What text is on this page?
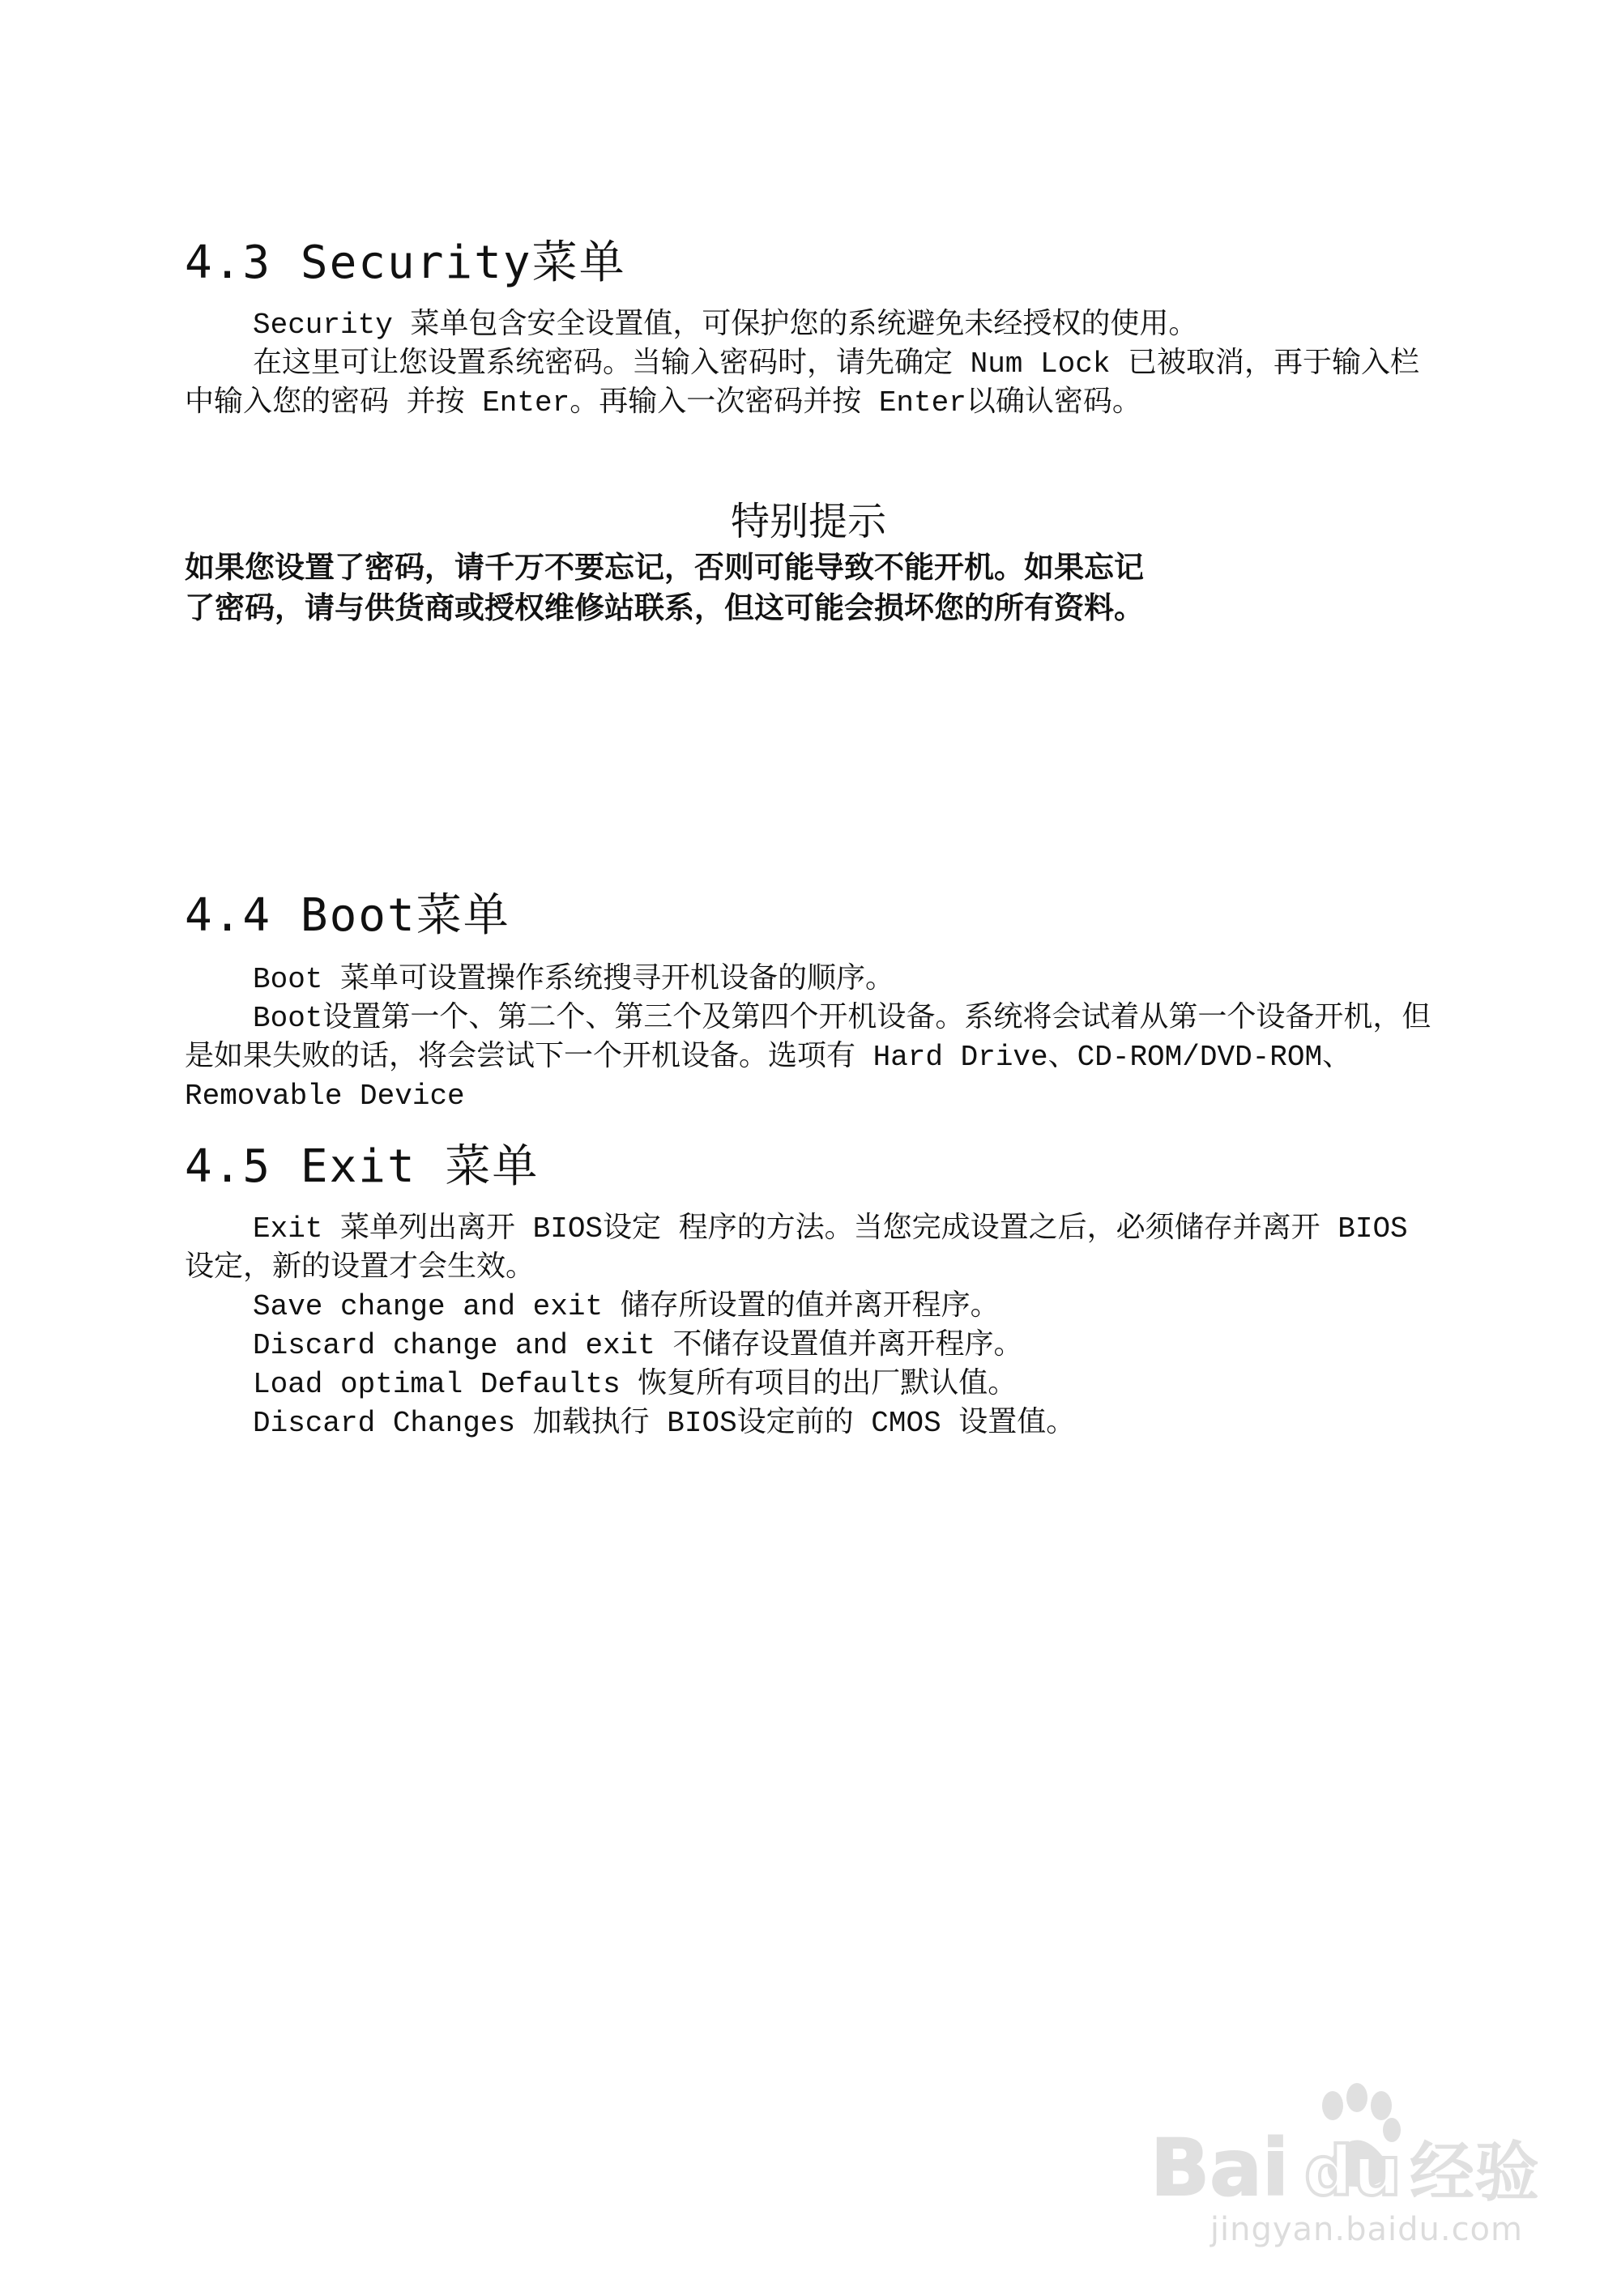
4.3 Security菜单

Security 菜单包含安全设置值，可保护您的系统避免未经授权的使用。

在这里可让您设置系统密码。当输入密码时，请先确定 Num Lock 已被取消，再于输入栏中输入您的密码 并按 Enter。再输入一次密码并按 Enter以确认密码。

特别提示

如果您设置了密码，请千万不要忘记，否则可能导致不能开机。如果忘记

了密码，请与供货商或授权维修站联系，但这可能会损坏您的所有资料。

4.4 Boot菜单

Boot 菜单可设置操作系统搜寻开机设备的顺序。

Boot设置第一个、第二个、第三个及第四个开机设备。系统将会试着从第一个设备开机，但是如果失败的话，将会尝试下一个开机设备。选项有 Hard Drive、CD-ROM/DVD-ROM、Removable Device

4.5 Exit 菜单

Exit 菜单列出离开 BIOS设定 程序的方法。当您完成设置之后，必须储存并离开 BIOS设定，新的设置才会生效。

Save change and exit 储存所设置的值并离开程序。

Discard change and exit 不储存设置值并离开程序。

Load optimal Defaults 恢复所有项目的出厂默认值。

Discard Changes 加载执行 BIOS设定前的 CMOS 设置值。

Bai du 经验
jingyan.baidu.com
